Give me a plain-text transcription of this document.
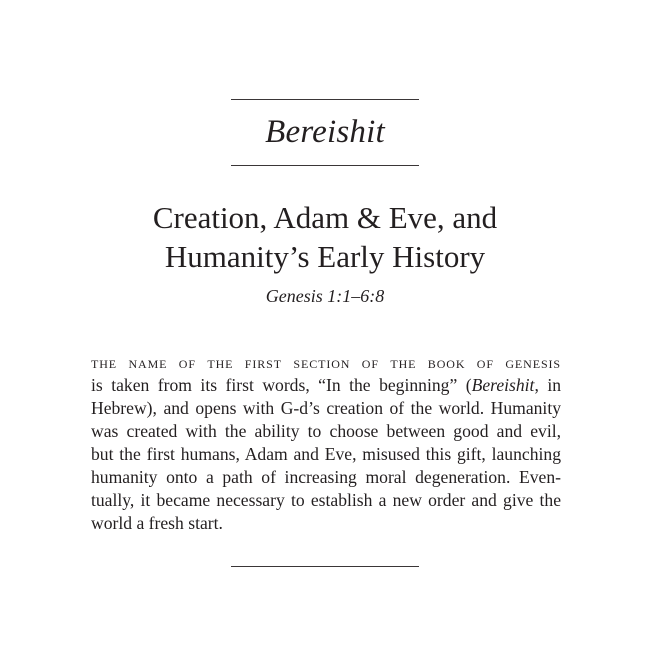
Bereishit
Creation, Adam & Eve, and
Humanity’s Early History
Genesis 1:1–6:8
the name of the first section of the book of genesis
is taken from its first words, “In the beginning” (Bereishit, in
Hebrew), and opens with G-d’s creation of the world. Humanity
was created with the ability to choose between good and evil,
but the first humans, Adam and Eve, misused this gift, launching
humanity onto a path of increasing moral degeneration. Even-
tually, it became necessary to establish a new order and give the
world a fresh start.
